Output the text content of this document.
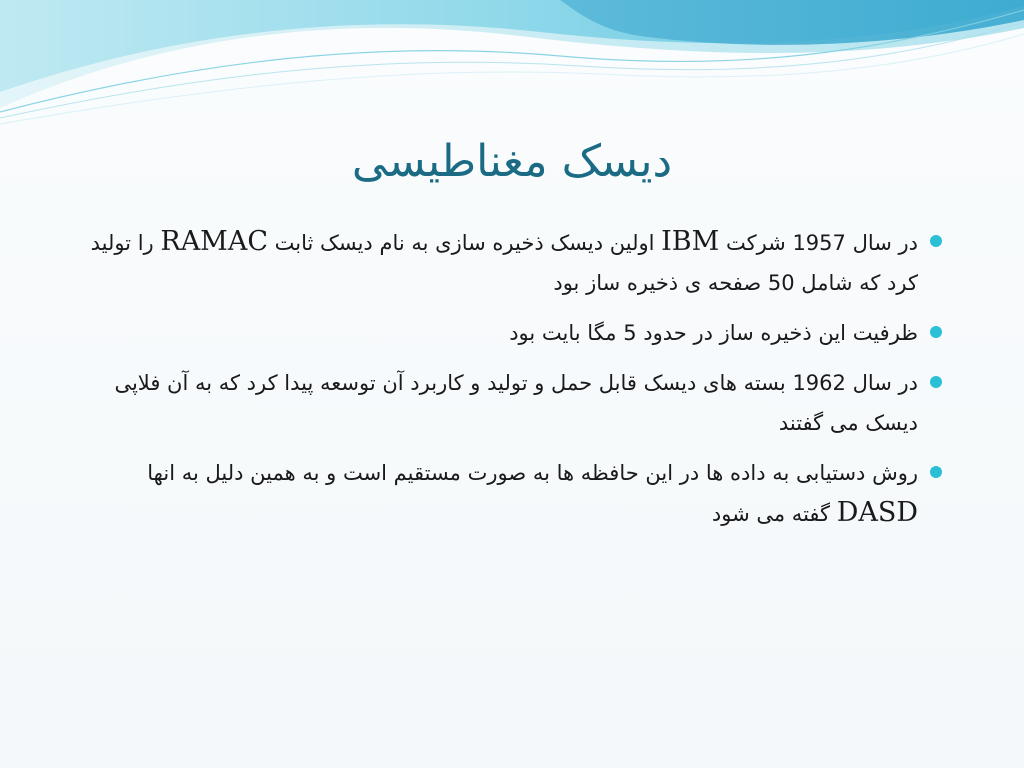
دیسک مغناطیسی
در سال 1957 شرکت IBM اولین دیسک ذخیره سازی به نام دیسک ثابت RAMAC را تولید کرد که شامل 50 صفحه ی ذخیره ساز بود
ظرفیت این ذخیره ساز در حدود 5 مگا بایت بود
در سال 1962 بسته های دیسک قابل حمل و تولید و کاربرد آن توسعه پیدا کرد که به آن فلاپی دیسک می گفتند
روش دستیابی به داده ها در این حافظه ها به صورت مستقیم است و به همین دلیل به انها DASD گفته می شود
